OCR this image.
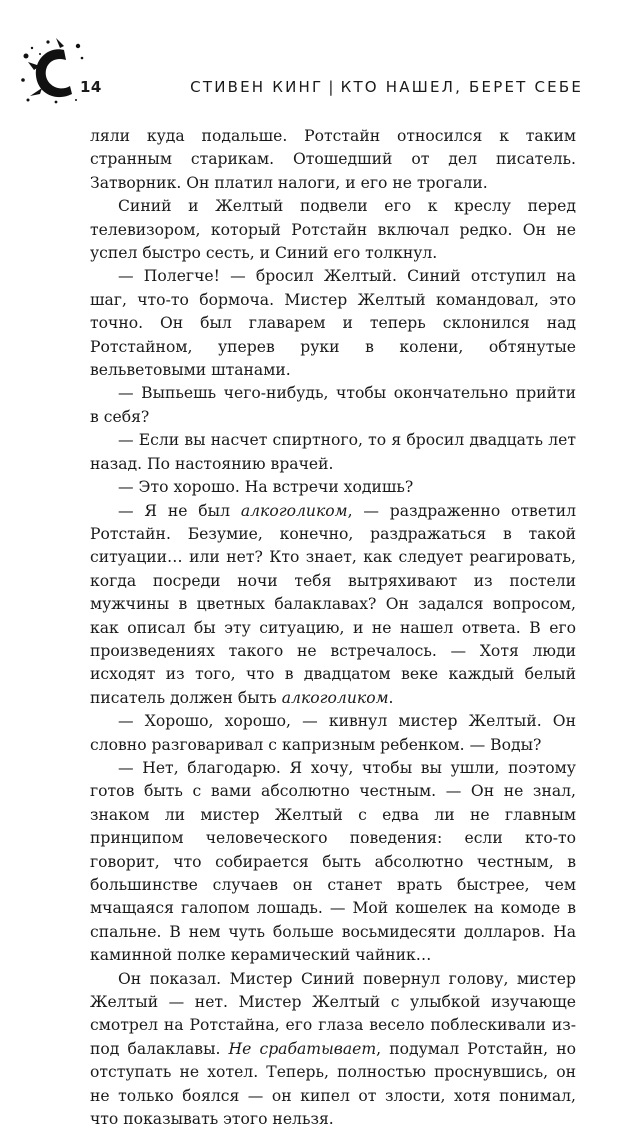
14	СТИВЕН КИНГ | КТО НАШЕЛ, БЕРЕТ СЕБЕ

ляли куда подальше. Ротстайн относился к таким странным старикам. Отошедший от дел писатель. Затворник. Он платил налоги, и его не трогали.

Синий и Желтый подвели его к креслу перед телевизором, который Ротстайн включал редко. Он не успел быстро сесть, и Синий его толкнул.

— Полегче! — бросил Желтый. Синий отступил на шаг, что-то бормоча. Мистер Желтый командовал, это точно. Он был главарем и теперь склонился над Ротстайном, уперев руки в колени, обтянутые вельветовыми штанами.

— Выпьешь чего-нибудь, чтобы окончательно прийти в себя?

— Если вы насчет спиртного, то я бросил двадцать лет назад. По настоянию врачей.

— Это хорошо. На встречи ходишь?

— Я не был алкоголиком, — раздраженно ответил Ротстайн. Безумие, конечно, раздражаться в такой ситуации… или нет? Кто знает, как следует реагировать, когда посреди ночи тебя вытряхивают из постели мужчины в цветных балаклавах? Он задался вопросом, как описал бы эту ситуацию, и не нашел ответа. В его произведениях такого не встречалось. — Хотя люди исходят из того, что в двадцатом веке каждый белый писатель должен быть алкоголиком.

— Хорошо, хорошо, — кивнул мистер Желтый. Он словно разговаривал с капризным ребенком. — Воды?

— Нет, благодарю. Я хочу, чтобы вы ушли, поэтому готов быть с вами абсолютно честным. — Он не знал, знаком ли мистер Желтый с едва ли не главным принципом человеческого поведения: если кто-то говорит, что собирается быть абсолютно честным, в большинстве случаев он станет врать быстрее, чем мчащаяся галопом лошадь. — Мой кошелек на комоде в спальне. В нем чуть больше восьмидесяти долларов. На каминной полке керамический чайник…

Он показал. Мистер Синий повернул голову, мистер Желтый — нет. Мистер Желтый с улыбкой изучающе смотрел на Ротстайна, его глаза весело поблескивали из-под балаклавы. Не срабатывает, подумал Ротстайн, но отступать не хотел. Теперь, полностью проснувшись, он не только боялся — он кипел от злости, хотя понимал, что показывать этого нельзя.
